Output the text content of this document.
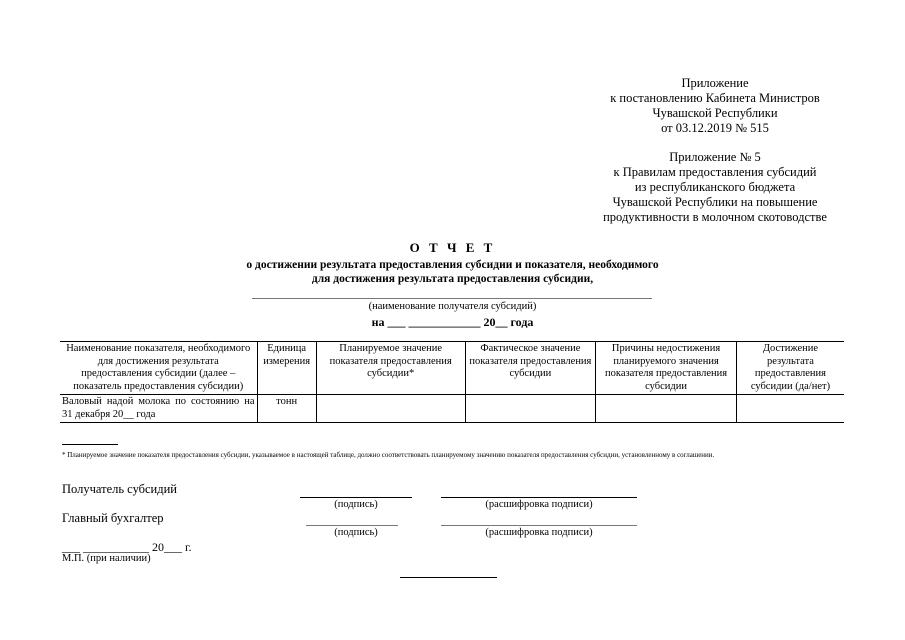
Приложение
к постановлению Кабинета Министров
Чувашской Республики
от 03.12.2019 № 515
Приложение № 5
к Правилам предоставления субсидий
из республиканского бюджета
Чувашской Республики на повышение
продуктивности в молочном скотоводстве
О Т Ч Е Т
о достижении результата предоставления субсидии и показателя, необходимого
для достижения результата предоставления субсидии,
(наименование получателя субсидий)
на ___ ____________ 20__ года
Наименование показателя, необходимого для достижения результата предоставления субсидии (далее – показатель предоставления субсидии)	Единица измерения	Планируемое значение показателя предоставления субсидии*	Фактическое значение показателя предоставления субсидии	Причины недостижения планируемого значения показателя предоставления субсидии	Достижение результата предоставления субсидии (да/нет)
Валовый надой молока по состоянию на 31 декабря 20__ года	тонн				
* Планируемое значение показателя предоставления субсидии, указываемое в настоящей таблице, должно соответствовать планируемому значению показателя предоставления субсидии, установленному в соглашении.
Получатель субсидий
(подпись)	(расшифровка подписи)
Главный бухгалтер
(подпись)	(расшифровка подписи)
___ ___________ 20___ г.
М.П. (при наличии)
